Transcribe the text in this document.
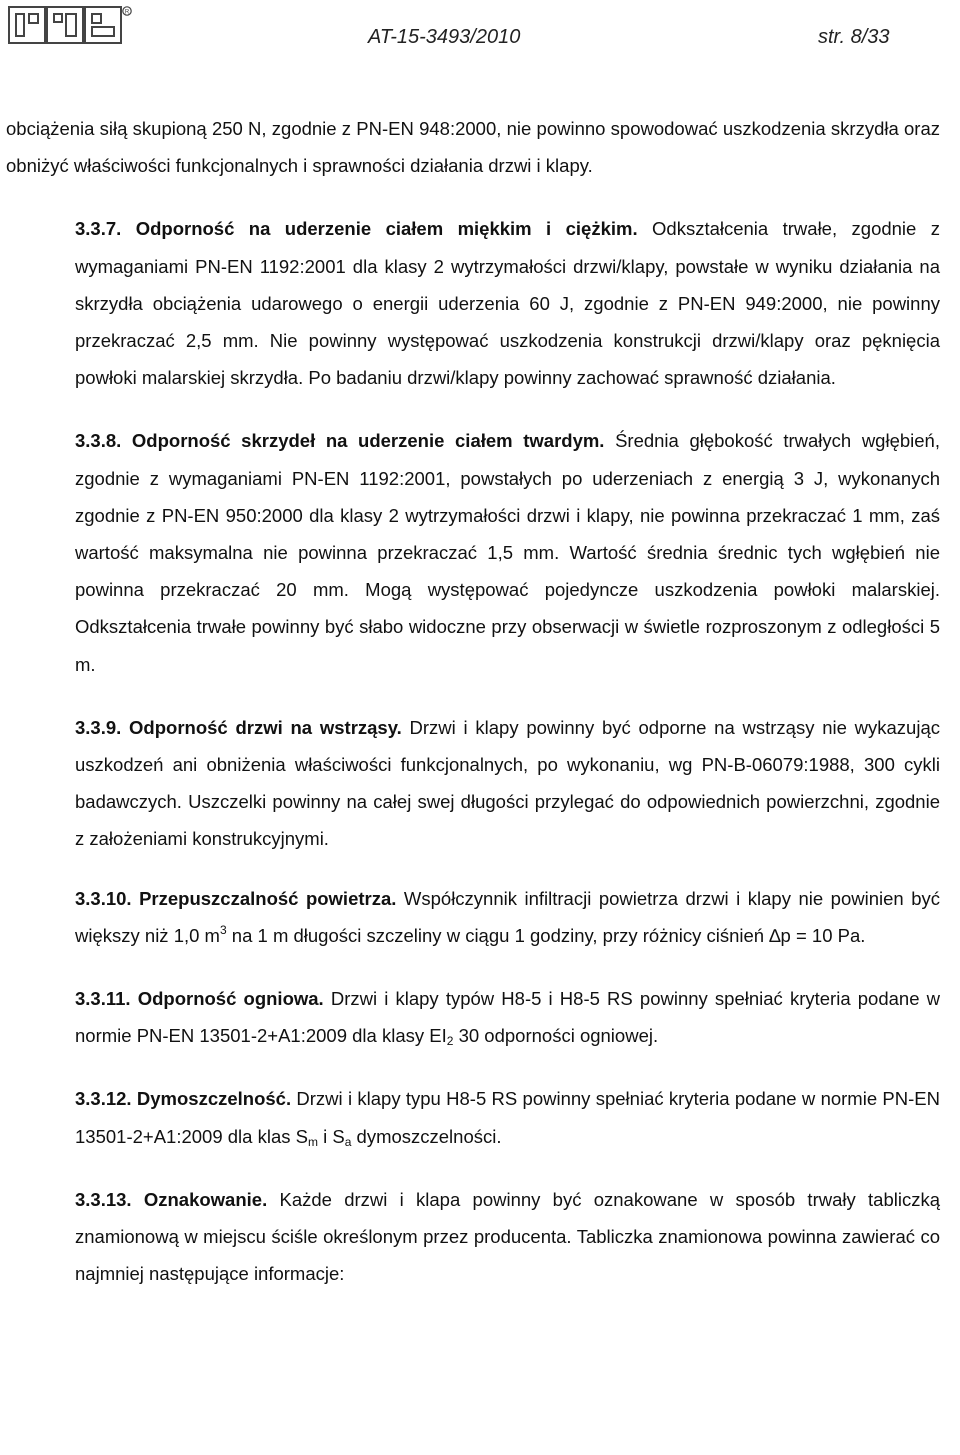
R
AT-15-3493/2010	str. 8/33

obciążenia siłą skupioną 250 N, zgodnie z PN-EN 948:2000, nie powinno spowodować uszkodzenia skrzydła oraz obniżyć właściwości funkcjonalnych i sprawności działania drzwi i klapy.

3.3.7. Odporność na uderzenie ciałem miękkim i ciężkim. Odkształcenia trwałe, zgodnie z wymaganiami PN-EN 1192:2001 dla klasy 2 wytrzymałości drzwi/klapy, powstałe w wyniku działania na skrzydła obciążenia udarowego o energii uderzenia 60 J, zgodnie z PN-EN 949:2000, nie powinny przekraczać 2,5 mm. Nie powinny występować uszkodzenia konstrukcji drzwi/klapy oraz pęknięcia powłoki malarskiej skrzydła. Po badaniu drzwi/klapy powinny zachować sprawność działania.

3.3.8. Odporność skrzydeł na uderzenie ciałem twardym. Średnia głębokość trwałych wgłębień, zgodnie z wymaganiami PN-EN 1192:2001, powstałych po uderzeniach z energią 3 J, wykonanych zgodnie z PN-EN 950:2000 dla klasy 2 wytrzymałości drzwi i klapy, nie powinna przekraczać 1 mm, zaś wartość maksymalna nie powinna przekraczać 1,5 mm. Wartość średnia średnic tych wgłębień nie powinna przekraczać 20 mm. Mogą występować pojedyncze uszkodzenia powłoki malarskiej. Odkształcenia trwałe powinny być słabo widoczne przy obserwacji w świetle rozproszonym z odległości 5 m.

3.3.9. Odporność drzwi na wstrząsy. Drzwi i klapy powinny być odporne na wstrząsy nie wykazując uszkodzeń ani obniżenia właściwości funkcjonalnych, po wykonaniu, wg PN-B-06079:1988, 300 cykli badawczych. Uszczelki powinny na całej swej długości przylegać do odpowiednich powierzchni, zgodnie z założeniami konstrukcyjnymi.

3.3.10. Przepuszczalność powietrza. Współczynnik infiltracji powietrza drzwi i klapy nie powinien być większy niż 1,0 $m^3$ na 1 m długości szczeliny w ciągu 1 godziny, przy różnicy ciśnień ∆p = 10 Pa.

3.3.11. Odporność ogniowa. Drzwi i klapy typów H8-5 i H8-5 RS powinny spełniać kryteria podane w normie PN-EN 13501-2+A1:2009 dla klasy $EI_2$ 30 odporności ogniowej.

3.3.12. Dymoszczelność. Drzwi i klapy typu H8-5 RS powinny spełniać kryteria podane w normie PN-EN 13501-2+A1:2009 dla klas $S_m$ i $S_a$ dymoszczelności.

3.3.13. Oznakowanie. Każde drzwi i klapa powinny być oznakowane w sposób trwały tabliczką znamionową w miejscu ściśle określonym przez producenta. Tabliczka znamionowa powinna zawierać co najmniej następujące informacje:
